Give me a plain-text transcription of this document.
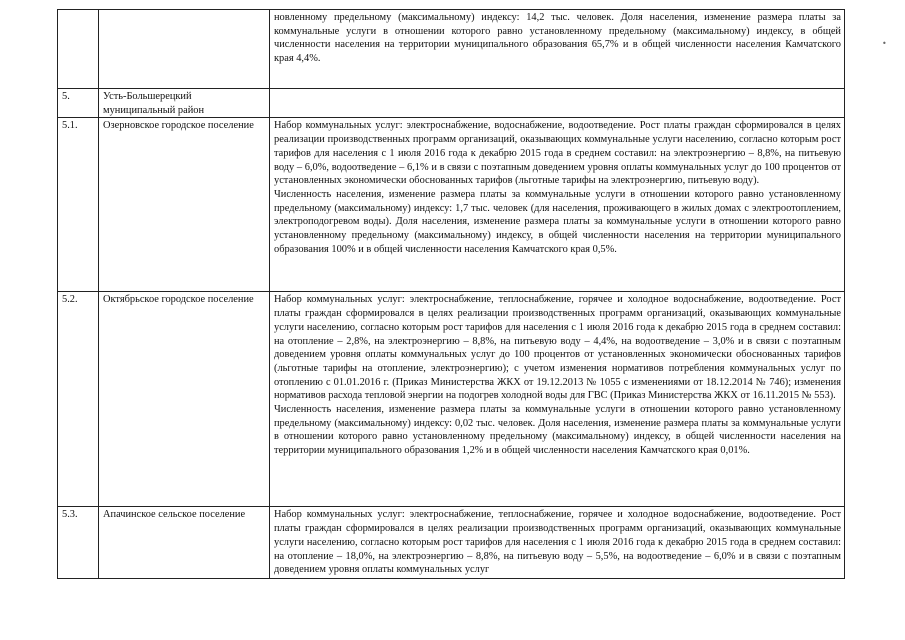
•

		новленному предельному (максимальному) индексу: 14,2 тыс. человек. Доля населения, изменение размера платы за коммунальные услуги в отношении которого равно установленному предельному (максимальному) индексу, в общей численности населения на территории муниципального образования 65,7% и в общей численности населения Камчатского края 4,4%.

5.	Усть-Большерецкий муниципальный район	
5.1.	Озерновское городское поселение	Набор коммунальных услуг: электроснабжение, водоснабжение, водоотведение. Рост платы граждан сформировался в целях реализации производственных программ организаций, оказывающих коммунальные услуги населению, согласно которым рост тарифов для населения с 1 июля 2016 года к декабрю 2015 года в среднем составил: на электроэнергию – 8,8%, на питьевую воду – 6,0%, водоотведение – 6,1% и в связи с поэтапным доведением уровня оплаты коммунальных услуг до 100 процентов от установленных экономически обоснованных тарифов (льготные тарифы на электроэнергию, питьевую воду).
Численность населения, изменение размера платы за коммунальные услуги в отношении которого равно установленному предельному (максимальному) индексу: 1,7 тыс. человек (для населения, проживающего в жилых домах с электроотоплением, электроподогревом воды). Доля населения, изменение размера платы за коммунальные услуги в отношении которого равно установленному предельному (максимальному) индексу, в общей численности населения на территории муниципального образования 100% и в общей численности населения Камчатского края 0,5%.

5.2.	Октябрьское городское поселение	Набор коммунальных услуг: электроснабжение, теплоснабжение, горячее и холодное водоснабжение, водоотведение. Рост платы граждан сформировался в целях реализации производственных программ организаций, оказывающих коммунальные услуги населению, согласно которым рост тарифов для населения с 1 июля 2016 года к декабрю 2015 года в среднем составил: на отопление – 2,8%, на электроэнергию – 8,8%, на питьевую воду – 4,4%, на водоотведение – 3,0% и в связи с поэтапным доведением уровня оплаты коммунальных услуг до 100 процентов от установленных экономически обоснованных тарифов (льготные тарифы на отопление, электроэнергию); с учетом изменения нормативов потребления коммунальных услуг по отоплению с 01.01.2016 г. (Приказ Министерства ЖКХ от 19.12.2013 № 1055 с изменениями от 18.12.2014 № 746); изменения нормативов расхода тепловой энергии на подогрев холодной воды для ГВС (Приказ Министерства ЖКХ от 16.11.2015 № 553).
Численность населения, изменение размера платы за коммунальные услуги в отношении которого равно установленному предельному (максимальному) индексу: 0,02 тыс. человек. Доля населения, изменение размера платы за коммунальные услуги в отношении которого равно установленному предельному (максимальному) индексу, в общей численности населения на территории муниципального образования 1,2% и в общей численности населения Камчатского края 0,01%.

5.3.	Апачинское сельское поселение	Набор коммунальных услуг: электроснабжение, теплоснабжение, горячее и холодное водоснабжение, водоотведение. Рост платы граждан сформировался в целях реализации производственных программ организаций, оказывающих коммунальные услуги населению, согласно которым рост тарифов для населения с 1 июля 2016 года к декабрю 2015 года в среднем составил: на отопление – 18,0%, на электроэнергию – 8,8%, на питьевую воду – 5,5%, на водоотведение – 6,0% и в связи с поэтапным доведением уровня оплаты коммунальных услуг
